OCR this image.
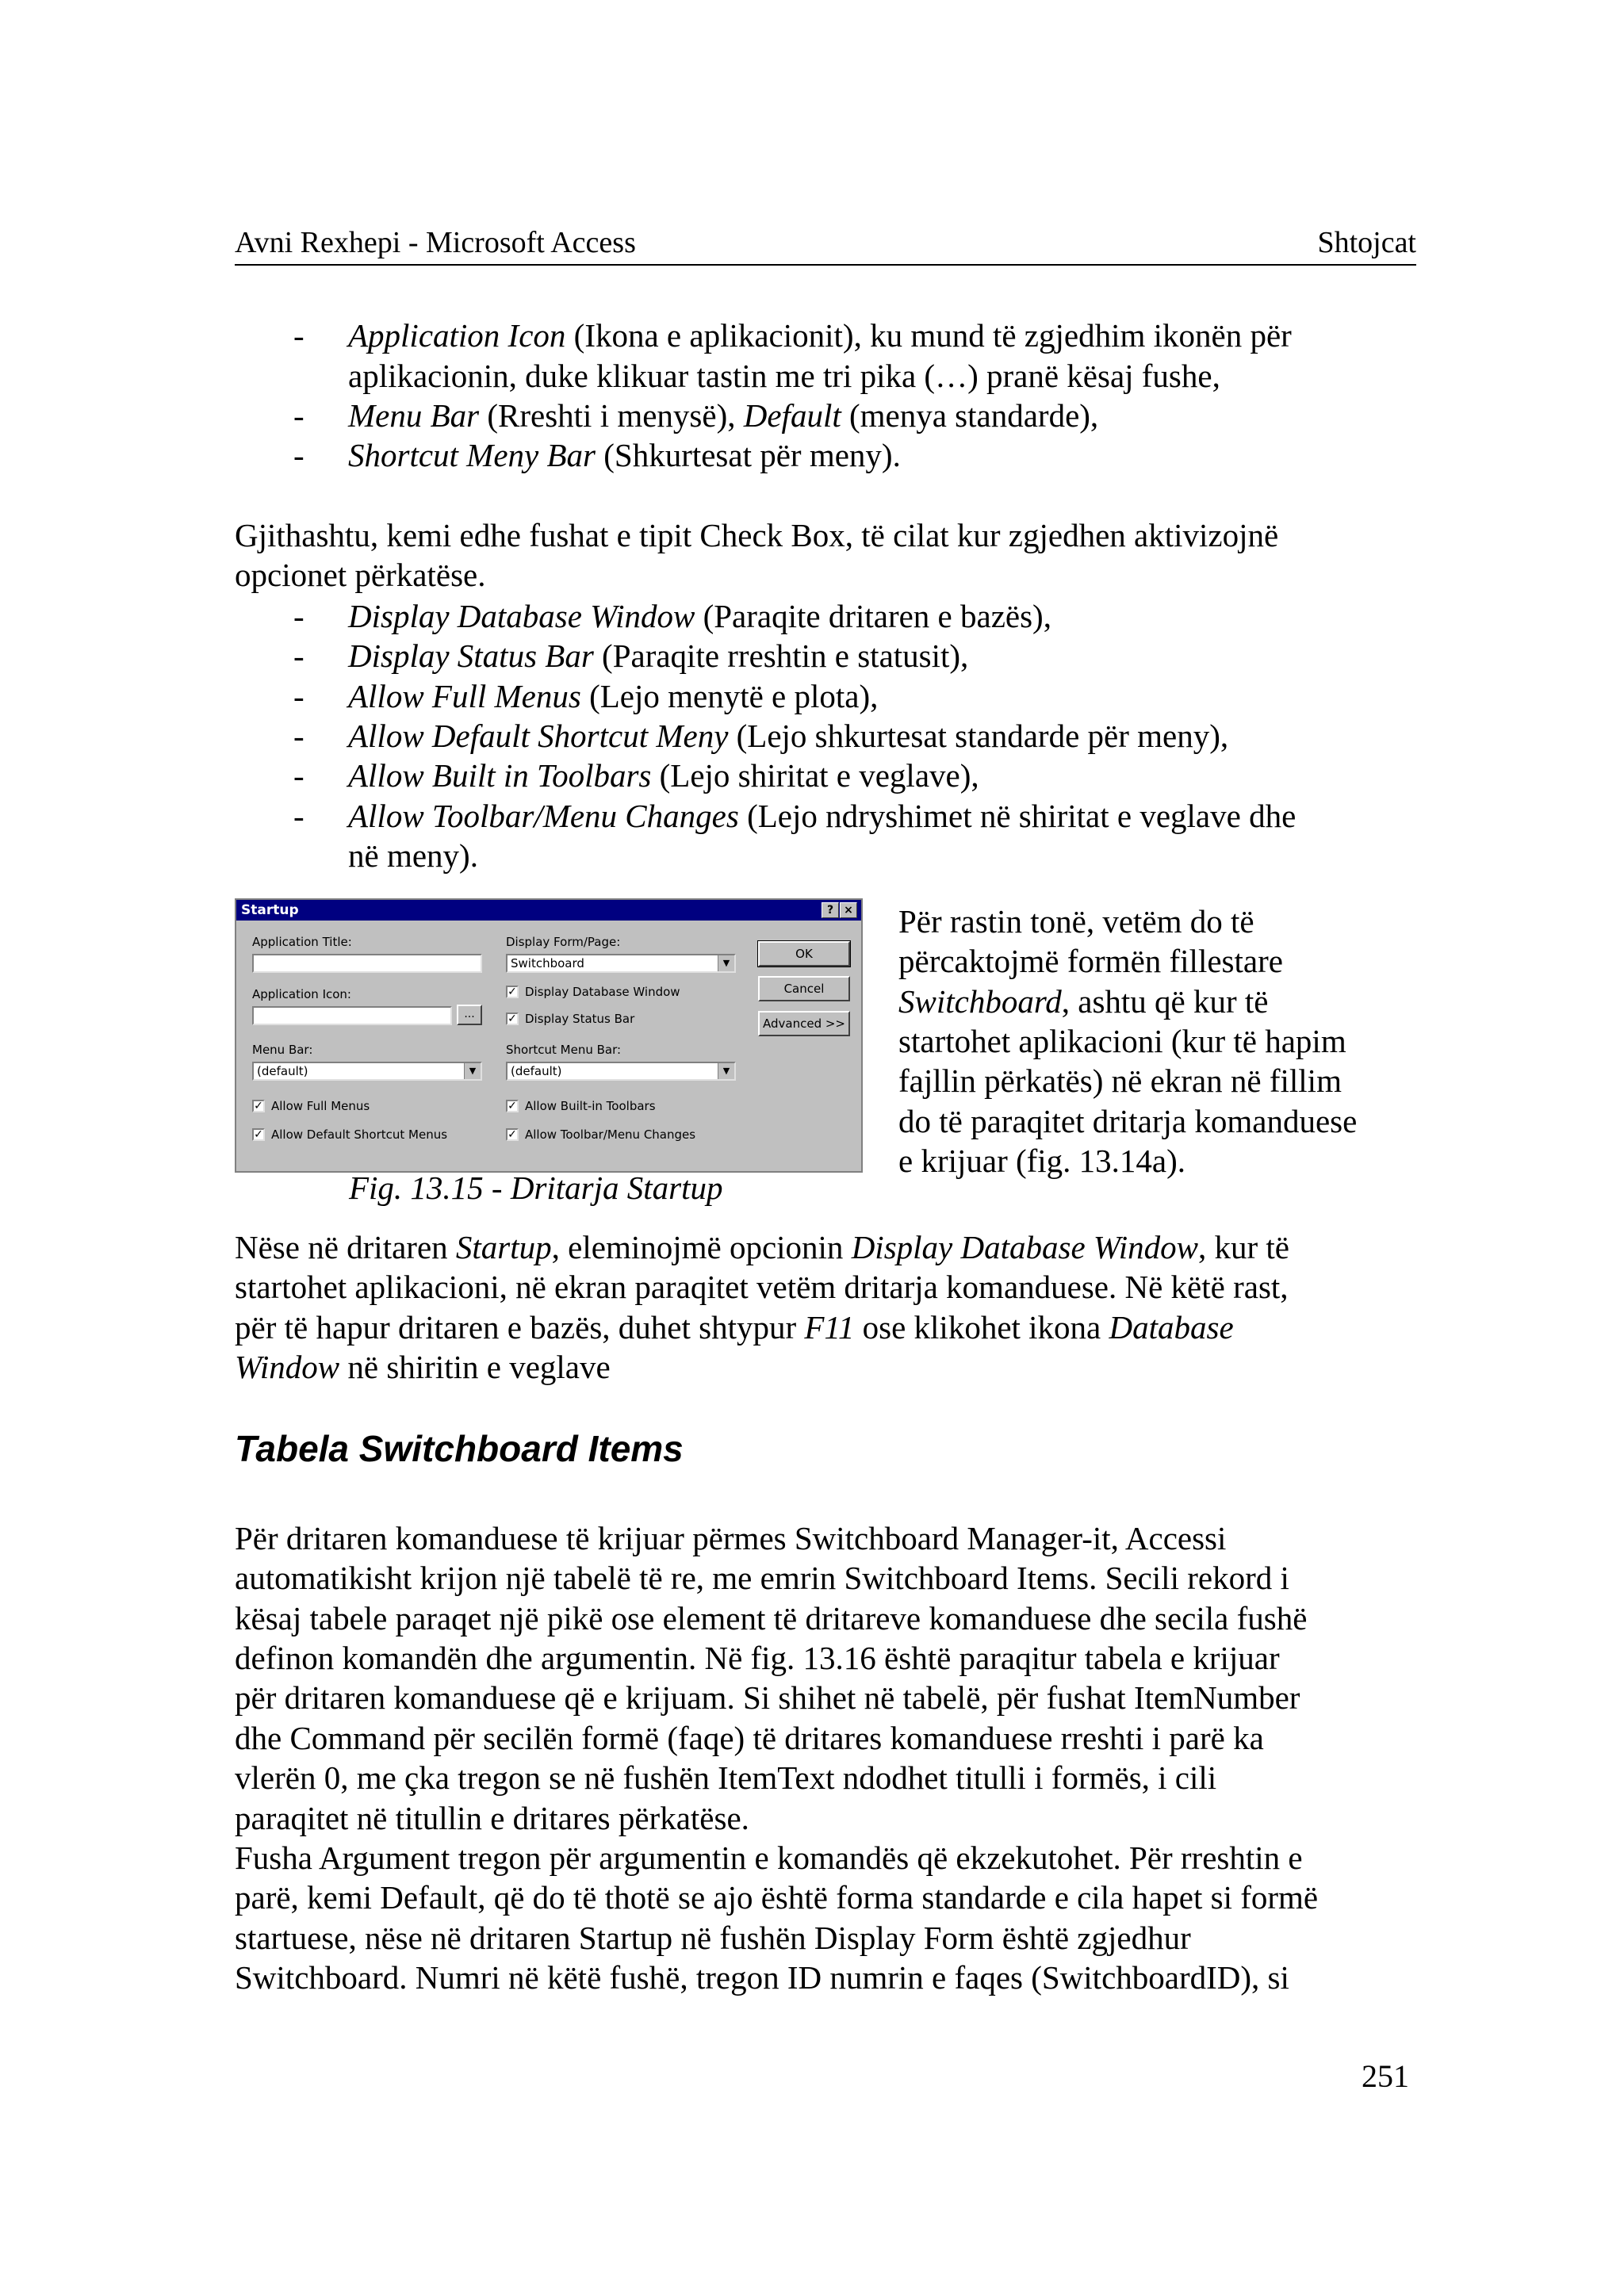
Avni Rexhepi - Microsoft Access	Shtojcat
- Application Icon (Ikona e aplikacionit), ku mund të zgjedhim ikonën për
aplikacionin, duke klikuar tastin me tri pika (…) pranë kësaj fushe,
- Menu Bar (Rreshti i menysë), Default (menya standarde),
- Shortcut Meny Bar (Shkurtesat për meny).
Gjithashtu, kemi edhe fushat e tipit Check Box, të cilat kur zgjedhen aktivizojnë
opcionet përkatëse.
- Display Database Window (Paraqite dritaren e bazës),
- Display Status Bar (Paraqite rreshtin e statusit),
- Allow Full Menus (Lejo menytë e plota),
- Allow Default Shortcut Meny (Lejo shkurtesat standarde për meny),
- Allow Built in Toolbars (Lejo shiritat e veglave),
- Allow Toolbar/Menu Changes (Lejo ndryshimet në shiritat e veglave dhe
në meny).
Startup	? ×
Application Title:
Application Icon:
...
Menu Bar:
(default)	▼
✓ Allow Full Menus
✓ Allow Default Shortcut Menus
Display Form/Page:
Switchboard	▼
✓ Display Database Window
✓ Display Status Bar
Shortcut Menu Bar:
(default)	▼
✓ Allow Built-in Toolbars
✓ Allow Toolbar/Menu Changes
OK
Cancel
Advanced >>
Fig. 13.15 - Dritarja Startup
Për rastin tonë, vetëm do të
përcaktojmë formën fillestare
Switchboard, ashtu që kur të
startohet aplikacioni (kur të hapim
fajllin përkatës) në ekran në fillim
do të paraqitet dritarja komanduese
e krijuar (fig. 13.14a).
Nëse në dritaren Startup, eleminojmë opcionin Display Database Window, kur të
startohet aplikacioni, në ekran paraqitet vetëm dritarja komanduese. Në këtë rast,
për të hapur dritaren e bazës, duhet shtypur F11 ose klikohet ikona Database
Window në shiritin e veglave
Tabela Switchboard Items
Për dritaren komanduese të krijuar përmes Switchboard Manager-it, Accessi
automatikisht krijon një tabelë të re, me emrin Switchboard Items. Secili rekord i
kësaj tabele paraqet një pikë ose element të dritareve komanduese dhe secila fushë
definon komandën dhe argumentin. Në fig. 13.16 është paraqitur tabela e krijuar
për dritaren komanduese që e krijuam. Si shihet në tabelë, për fushat ItemNumber
dhe Command për secilën formë (faqe) të dritares komanduese rreshti i parë ka
vlerën 0, me çka tregon se në fushën ItemText ndodhet titulli i formës, i cili
paraqitet në titullin e dritares përkatëse.
Fusha Argument tregon për argumentin e komandës që ekzekutohet. Për rreshtin e
parë, kemi Default, që do të thotë se ajo është forma standarde e cila hapet si formë
startuese, nëse në dritaren Startup në fushën Display Form është zgjedhur
Switchboard. Numri në këtë fushë, tregon ID numrin e faqes (SwitchboardID), si
251
